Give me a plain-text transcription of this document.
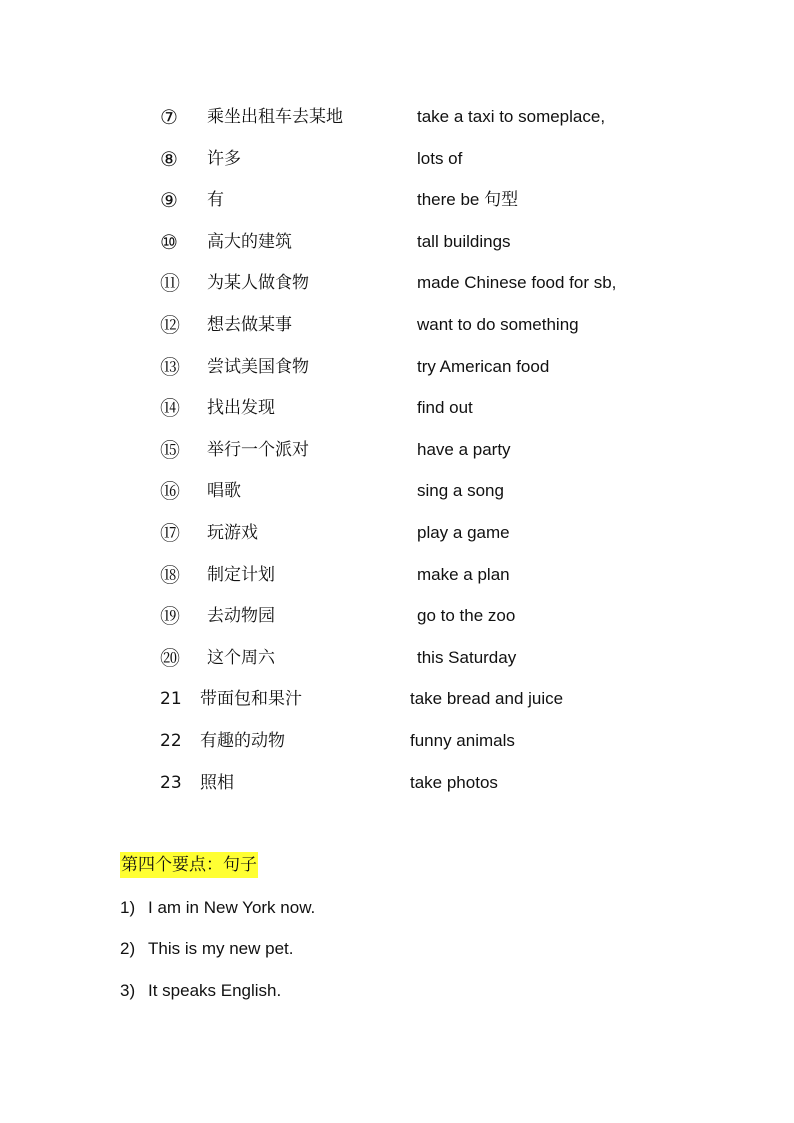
⑦	乘坐出租车去某地	take a taxi to someplace,
⑧	许多	lots of
⑨	有	there be 句型
⑩	高大的建筑	tall buildings
⑪	为某人做食物	made Chinese food for sb,
⑫	想去做某事	want to do something
⑬	尝试美国食物	try American food
⑭	找出发现	find out
⑮	举行一个派对	have a party
⑯	唱歌	sing a song
⑰	玩游戏	play a game
⑱	制定计划	make a plan
⑲	去动物园	go to the zoo
⑳	这个周六	this Saturday
21	带面包和果汁	take bread and juice
22	有趣的动物	funny animals
23	照相	take photos
第四个要点：句子
1) I am in New York now.
2) This is my new pet.
3) It speaks English.
